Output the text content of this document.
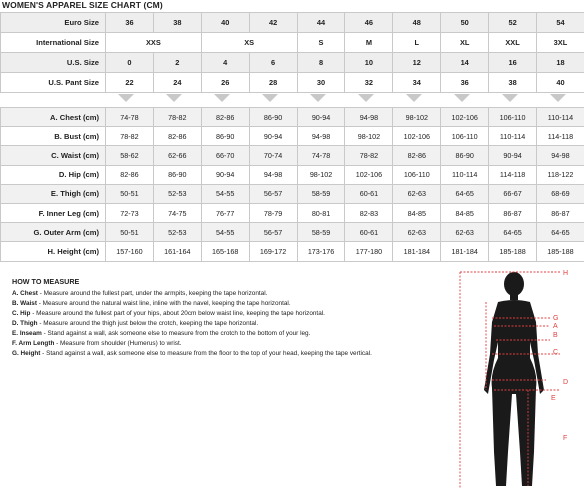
WOMEN'S APPAREL SIZE CHART (CM)
Euro Size	36	38	40	42	44	46	48	50	52	54
International Size	XXS		XS		S	M	L	XL	XXL	3XL
U.S. Size	0	2	4	6	8	10	12	14	16	18
U.S. Pant Size	22	24	26	28	30	32	34	36	38	40
A. Chest (cm)	74-78	78-82	82-86	86-90	90-94	94-98	98-102	102-106	106-110	110-114
B. Bust (cm)	78-82	82-86	86-90	90-94	94-98	98-102	102-106	106-110	110-114	114-118
C. Waist (cm)	58-62	62-66	66-70	70-74	74-78	78-82	82-86	86-90	90-94	94-98
D. Hip (cm)	82-86	86-90	90-94	94-98	98-102	102-106	106-110	110-114	114-118	118-122
E. Thigh (cm)	50-51	52-53	54-55	56-57	58-59	60-61	62-63	64-65	66-67	68-69
F. Inner Leg (cm)	72-73	74-75	76-77	78-79	80-81	82-83	84-85	84-85	86-87	86-87
G. Outer Arm (cm)	50-51	52-53	54-55	56-57	58-59	60-61	62-63	62-63	64-65	64-65
H. Height (cm)	157-160	161-164	165-168	169-172	173-176	177-180	181-184	181-184	185-188	185-188
HOW TO MEASURE
A. Chest - Measure around the fullest part, under the armpits, keeping the tape horizontal.
B. Waist - Measure around the natural waist line, inline with the navel, keeping the tape horizontal.
C. Hip - Measure around the fullest part of your hips, about 20cm below waist line, keeping the tape horizontal.
D. Thigh - Measure around the thigh just below the crotch, keeping the tape horizontal.
E. Inseam - Stand against a wall, ask someone else to measure from the crotch to the bottom of your leg.
F. Arm Length - Measure from shoulder (Humerus) to wrist.
G. Height - Stand against a wall, ask someone else to measure from the floor to the top of your head, keeping the tape vertical.
H
G
A
B
C
D
E
F
